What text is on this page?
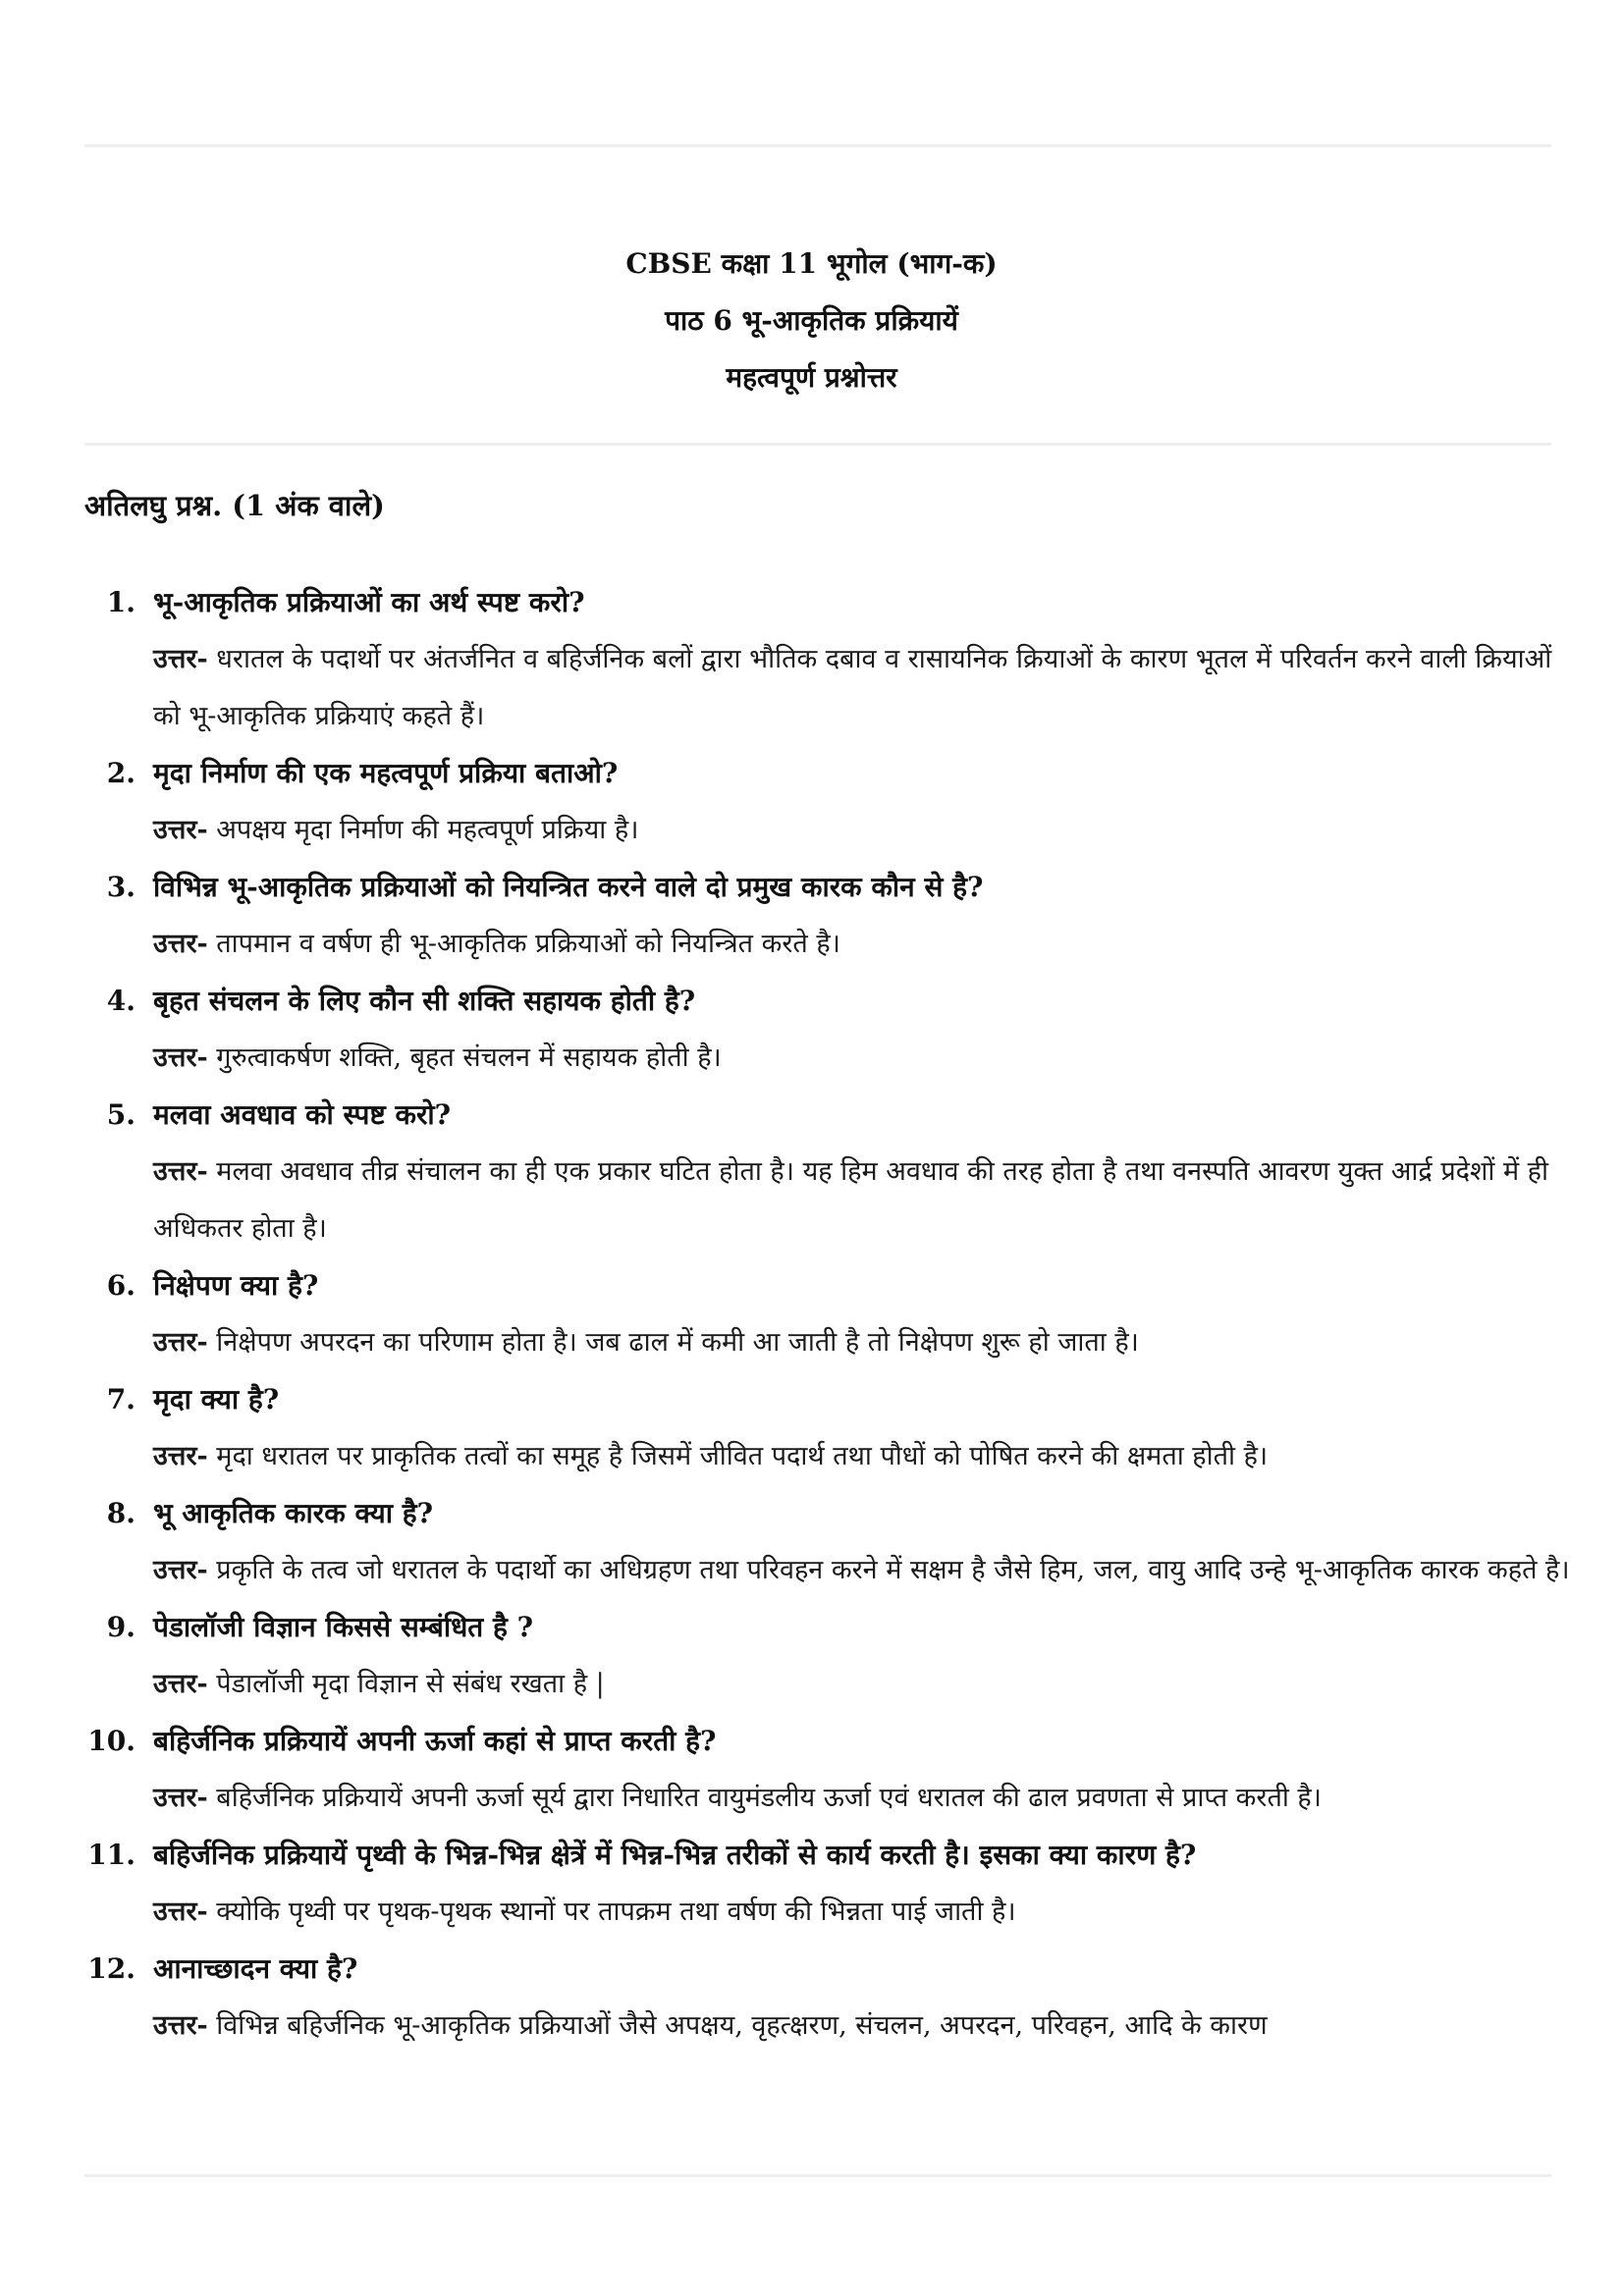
CBSE कक्षा 11 भूगोल (भाग-क)
पाठ 6 भू-आकृतिक प्रक्रियायें
महत्वपूर्ण प्रश्नोत्तर
अतिलघु प्रश्न. (1 अंक वाले)
1. भू-आकृतिक प्रक्रियाओं का अर्थ स्पष्ट करो?
उत्तर- धरातल के पदार्थो पर अंतर्जनित व बहिर्जनिक बलों द्वारा भौतिक दबाव व रासायनिक क्रियाओं के कारण भूतल में परिवर्तन करने वाली क्रियाओं को भू-आकृतिक प्रक्रियाएं कहते हैं।
2. मृदा निर्माण की एक महत्वपूर्ण प्रक्रिया बताओ?
उत्तर- अपक्षय मृदा निर्माण की महत्वपूर्ण प्रक्रिया है।
3. विभिन्न भू-आकृतिक प्रक्रियाओं को नियन्त्रित करने वाले दो प्रमुख कारक कौन से है?
उत्तर- तापमान व वर्षण ही भू-आकृतिक प्रक्रियाओं को नियन्त्रित करते है।
4. बृहत संचलन के लिए कौन सी शक्ति सहायक होती है?
उत्तर- गुरुत्वाकर्षण शक्ति, बृहत संचलन में सहायक होती है।
5. मलवा अवधाव को स्पष्ट करो?
उत्तर- मलवा अवधाव तीव्र संचालन का ही एक प्रकार घटित होता है। यह हिम अवधाव की तरह होता है तथा वनस्पति आवरण युक्त आर्द्र प्रदेशों में ही अधिकतर होता है।
6. निक्षेपण क्या है?
उत्तर- निक्षेपण अपरदन का परिणाम होता है। जब ढाल में कमी आ जाती है तो निक्षेपण शुरू हो जाता है।
7. मृदा क्या है?
उत्तर- मृदा धरातल पर प्राकृतिक तत्वों का समूह है जिसमें जीवित पदार्थ तथा पौधों को पोषित करने की क्षमता होती है।
8. भू आकृतिक कारक क्या है?
उत्तर- प्रकृति के तत्व जो धरातल के पदार्थो का अधिग्रहण तथा परिवहन करने में सक्षम है जैसे हिम, जल, वायु आदि उन्हे भू-आकृतिक कारक कहते है।
9. पेडालॉजी विज्ञान किससे सम्बंधित है ?
उत्तर- पेडालॉजी मृदा विज्ञान से संबंध रखता है |
10. बहिर्जनिक प्रक्रियायें अपनी ऊर्जा कहां से प्राप्त करती है?
उत्तर- बहिर्जनिक प्रक्रियायें अपनी ऊर्जा सूर्य द्वारा निधारित वायुमंडलीय ऊर्जा एवं धरातल की ढाल प्रवणता से प्राप्त करती है।
11. बहिर्जनिक प्रक्रियायें पृथ्वी के भिन्न-भिन्न क्षेत्रें में भिन्न-भिन्न तरीकों से कार्य करती है। इसका क्या कारण है?
उत्तर- क्योकि पृथ्वी पर पृथक-पृथक स्थानों पर तापक्रम तथा वर्षण की भिन्नता पाई जाती है।
12. आनाच्छादन क्या है?
उत्तर- विभिन्न बहिर्जनिक भू-आकृतिक प्रक्रियाओं जैसे अपक्षय, वृहत्क्षरण, संचलन, अपरदन, परिवहन, आदि के कारण
